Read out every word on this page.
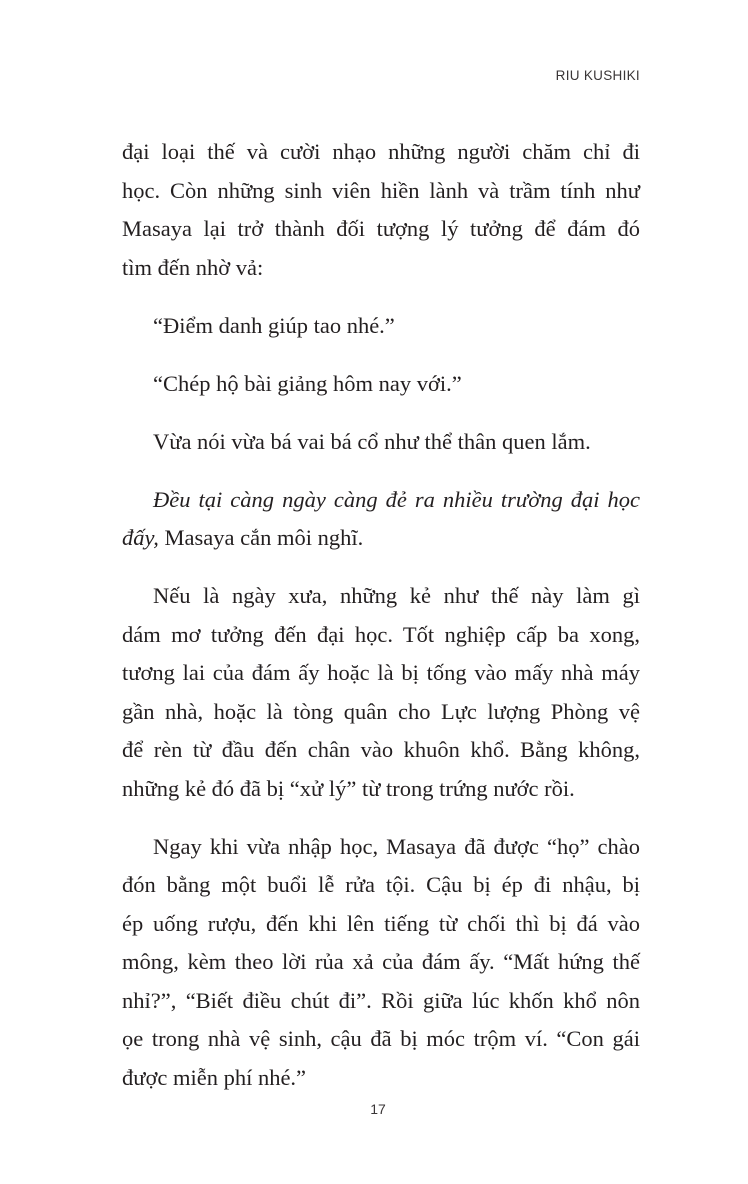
RIU KUSHIKI
đại loại thế và cười nhạo những người chăm chỉ đi
học. Còn những sinh viên hiền lành và trầm tính như
Masaya lại trở thành đối tượng lý tưởng để đám đó
tìm đến nhờ vả:
“Điểm danh giúp tao nhé.”
“Chép hộ bài giảng hôm nay với.”
Vừa nói vừa bá vai bá cổ như thể thân quen lắm.
Đều tại càng ngày càng đẻ ra nhiều trường đại học
đấy, Masaya cắn môi nghĩ.
Nếu là ngày xưa, những kẻ như thế này làm gì
dám mơ tưởng đến đại học. Tốt nghiệp cấp ba xong,
tương lai của đám ấy hoặc là bị tống vào mấy nhà máy
gần nhà, hoặc là tòng quân cho Lực lượng Phòng vệ
để rèn từ đầu đến chân vào khuôn khổ. Bằng không,
những kẻ đó đã bị “xử lý” từ trong trứng nước rồi.
Ngay khi vừa nhập học, Masaya đã được “họ” chào
đón bằng một buổi lễ rửa tội. Cậu bị ép đi nhậu, bị
ép uống rượu, đến khi lên tiếng từ chối thì bị đá vào
mông, kèm theo lời rủa xả của đám ấy. “Mất hứng thế
nhỉ?”, “Biết điều chút đi”. Rồi giữa lúc khốn khổ nôn
ọe trong nhà vệ sinh, cậu đã bị móc trộm ví. “Con gái
được miễn phí nhé.”
17
